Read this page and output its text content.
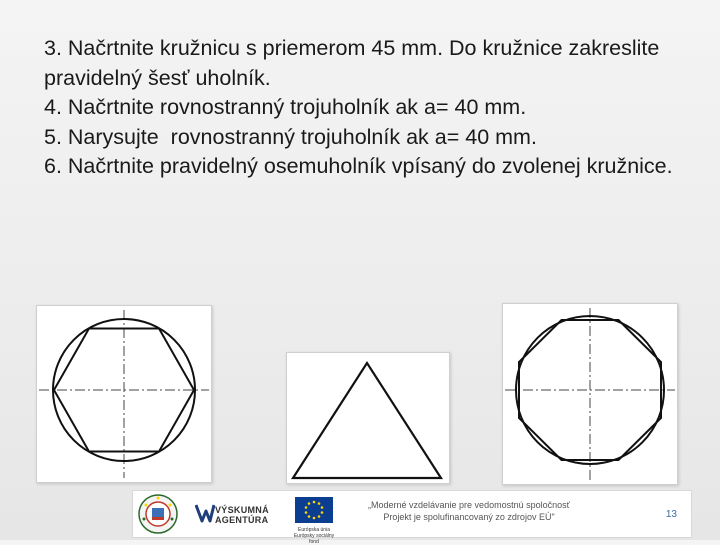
3. Načrtnite kružnicu s priemerom 45 mm. Do kružnice zakreslite pravidelný šesť uholník.

4. Načrtnite rovnostranný trojuholník ak a= 40 mm.

5. Narysujte  rovnostranný trojuholník ak a= 40 mm.

6. Načrtnite pravidelný osemuholník vpísaný do zvolenej kružnice.

VÝSKUMNÁ
AGENTÚRA
Európska únia
Európsky sociálny fond
„Moderné vzdelávanie pre vedomostnú spoločnosť
Projekt je spolufinancovaný zo zdrojov EÚ"	13
